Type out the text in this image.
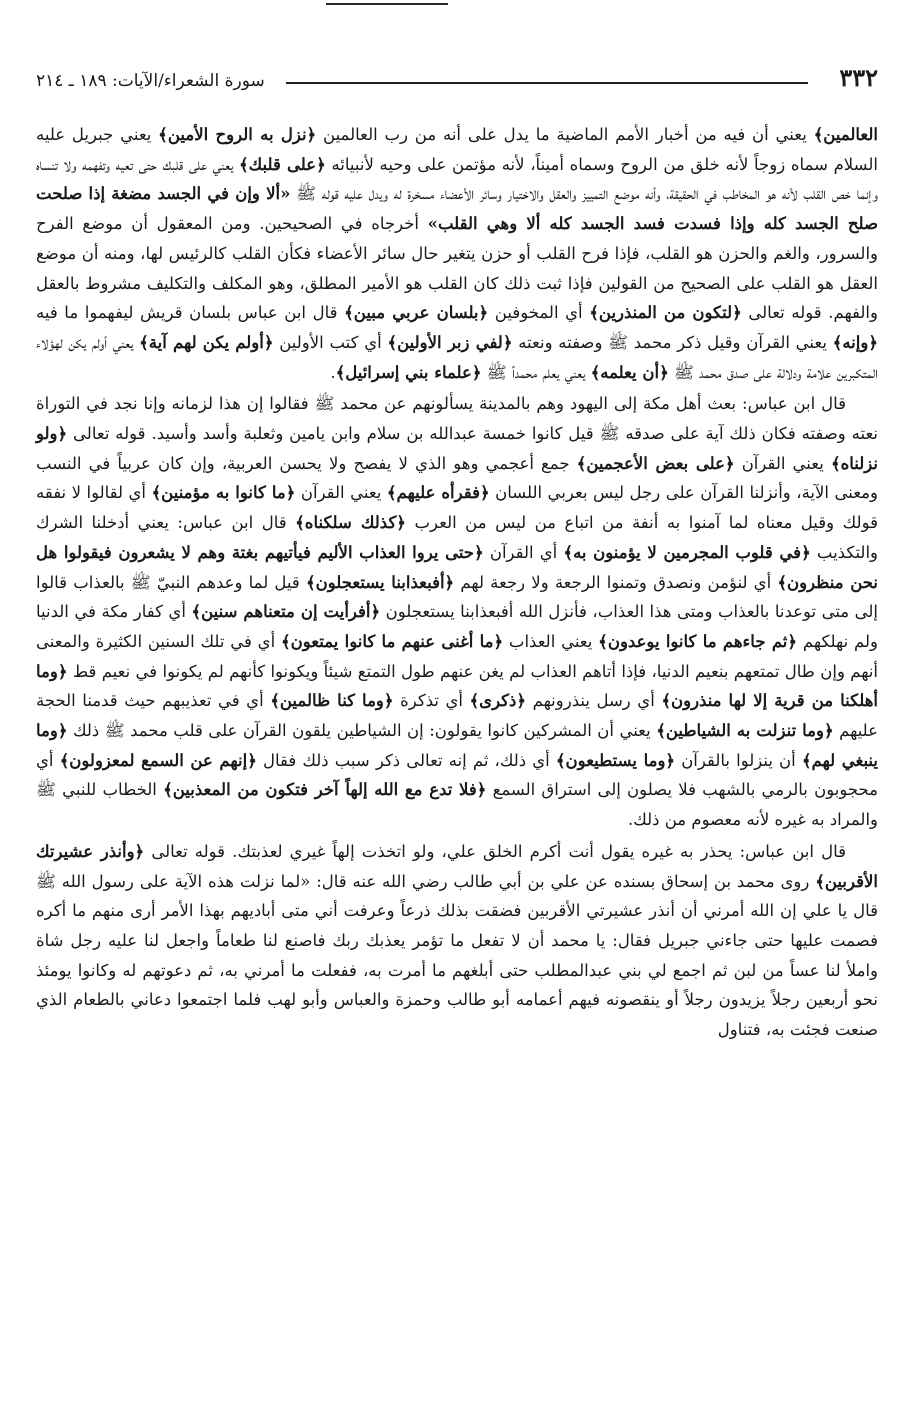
٣٣٢
سورة الشعراء/الآيات: ١٨٩ ـ ٢١٤

العالمين﴾ يعني أن فيه من أخبار الأمم الماضية ما يدل على أنه من رب العالمين ﴿نزل به الروح الأمين﴾ يعني جبريل عليه السلام سماه زوجاً لأنه خلق من الروح وسماه أميناً، لأنه مؤتمن على وحيه لأنبيائه ﴿على قلبك﴾ يعني على قلبك حتى تعيه وتفهمه ولا تنساه وإنما خص القلب لأنه هو المخاطب في الحقيقة، وأنه موضع التمييز والعقل والاختيار وسائر الأعضاء مسخرة له ويدل عليه قوله ﷺ «ألا وإن في الجسد مضغة إذا صلحت صلح الجسد كله وإذا فسدت فسد الجسد كله ألا وهي القلب» أخرجاه في الصحيحين. ومن المعقول أن موضع الفرح والسرور، والغم والحزن هو القلب، فإذا فرح القلب أو حزن يتغير حال سائر الأعضاء فكأن القلب كالرئيس لها، ومنه أن موضع العقل هو القلب على الصحيح من القولين فإذا ثبت ذلك كان القلب هو الأمير المطلق، وهو المكلف والتكليف مشروط بالعقل والفهم. قوله تعالى ﴿لتكون من المنذرين﴾ أي المخوفين ﴿بلسان عربي مبين﴾ قال ابن عباس بلسان قريش ليفهموا ما فيه ﴿وإنه﴾ يعني القرآن وقيل ذكر محمد ﷺ وصفته ونعته ﴿لفي زبر الأولين﴾ أي كتب الأولين ﴿أولم يكن لهم آية﴾ يعني أولم يكن لهؤلاء المتكبرين علامة ودلالة على صدق محمد ﷺ ﴿أن يعلمه﴾ يعني يعلم محمداً ﷺ ﴿علماء بني إسرائيل﴾.

قال ابن عباس: بعث أهل مكة إلى اليهود وهم بالمدينة يسألونهم عن محمد ﷺ فقالوا إن هذا لزمانه وإنا نجد في التوراة نعته وصفته فكان ذلك آية على صدقه ﷺ قيل كانوا خمسة عبدالله بن سلام وابن يامين وثعلبة وأسد وأسيد. قوله تعالى ﴿ولو نزلناه﴾ يعني القرآن ﴿على بعض الأعجمين﴾ جمع أعجمي وهو الذي لا يفصح ولا يحسن العربية، وإن كان عربياً في النسب ومعنى الآية، وأنزلنا القرآن على رجل ليس بعربي اللسان ﴿فقرأه عليهم﴾ يعني القرآن ﴿ما كانوا به مؤمنين﴾ أي لقالوا لا نفقه قولك وقيل معناه لما آمنوا به أنفة من اتباع من ليس من العرب ﴿كذلك سلكناه﴾ قال ابن عباس: يعني أدخلنا الشرك والتكذيب ﴿في قلوب المجرمين لا يؤمنون به﴾ أي القرآن ﴿حتى يروا العذاب الأليم فيأتيهم بغتة وهم لا يشعرون فيقولوا هل نحن منظرون﴾ أي لنؤمن ونصدق وتمنوا الرجعة ولا رجعة لهم ﴿أفبعذابنا يستعجلون﴾ قيل لما وعدهم النبيّ ﷺ بالعذاب قالوا إلى متى توعدنا بالعذاب ومتى هذا العذاب، فأنزل الله أفبعذابنا يستعجلون ﴿أفرأيت إن متعناهم سنين﴾ أي كفار مكة في الدنيا ولم نهلكهم ﴿ثم جاءهم ما كانوا يوعدون﴾ يعني العذاب ﴿ما أغنى عنهم ما كانوا يمتعون﴾ أي في تلك السنين الكثيرة والمعنى أنهم وإن طال تمتعهم بنعيم الدنيا، فإذا أتاهم العذاب لم يغن عنهم طول التمتع شيئاً ويكونوا كأنهم لم يكونوا في نعيم قط ﴿وما أهلكنا من قرية إلا لها منذرون﴾ أي رسل ينذرونهم ﴿ذكرى﴾ أي تذكرة ﴿وما كنا ظالمين﴾ أي في تعذيبهم حيث قدمنا الحجة عليهم ﴿وما تنزلت به الشياطين﴾ يعني أن المشركين كانوا يقولون: إن الشياطين يلقون القرآن على قلب محمد ﷺ ذلك ﴿وما ينبغي لهم﴾ أن ينزلوا بالقرآن ﴿وما يستطيعون﴾ أي ذلك، ثم إنه تعالى ذكر سبب ذلك فقال ﴿إنهم عن السمع لمعزولون﴾ أي محجوبون بالرمي بالشهب فلا يصلون إلى استراق السمع ﴿فلا تدع مع الله إلهاً آخر فتكون من المعذبين﴾ الخطاب للنبي ﷺ والمراد به غيره لأنه معصوم من ذلك.

قال ابن عباس: يحذر به غيره يقول أنت أكرم الخلق علي، ولو اتخذت إلهاً غيري لعذبتك. قوله تعالى ﴿وأنذر عشيرتك الأقربين﴾ روى محمد بن إسحاق بسنده عن علي بن أبي طالب رضي الله عنه قال: «لما نزلت هذه الآية على رسول الله ﷺ قال يا علي إن الله أمرني أن أنذر عشيرتي الأقربين فضقت بذلك ذرعاً وعرفت أني متى أباديهم بهذا الأمر أرى منهم ما أكره فصمت عليها حتى جاءني جبريل فقال: يا محمد أن لا تفعل ما تؤمر يعذبك ربك فاصنع لنا طعاماً واجعل لنا عليه رجل شاة واملأ لنا عساً من لبن ثم اجمع لي بني عبدالمطلب حتى أبلغهم ما أمرت به، ففعلت ما أمرني به، ثم دعوتهم له وكانوا يومئذ نحو أربعين رجلاً يزيدون رجلاً أو ينقصونه فيهم أعمامه أبو طالب وحمزة والعباس وأبو لهب فلما اجتمعوا دعاني بالطعام الذي صنعت فجئت به، فتناول
